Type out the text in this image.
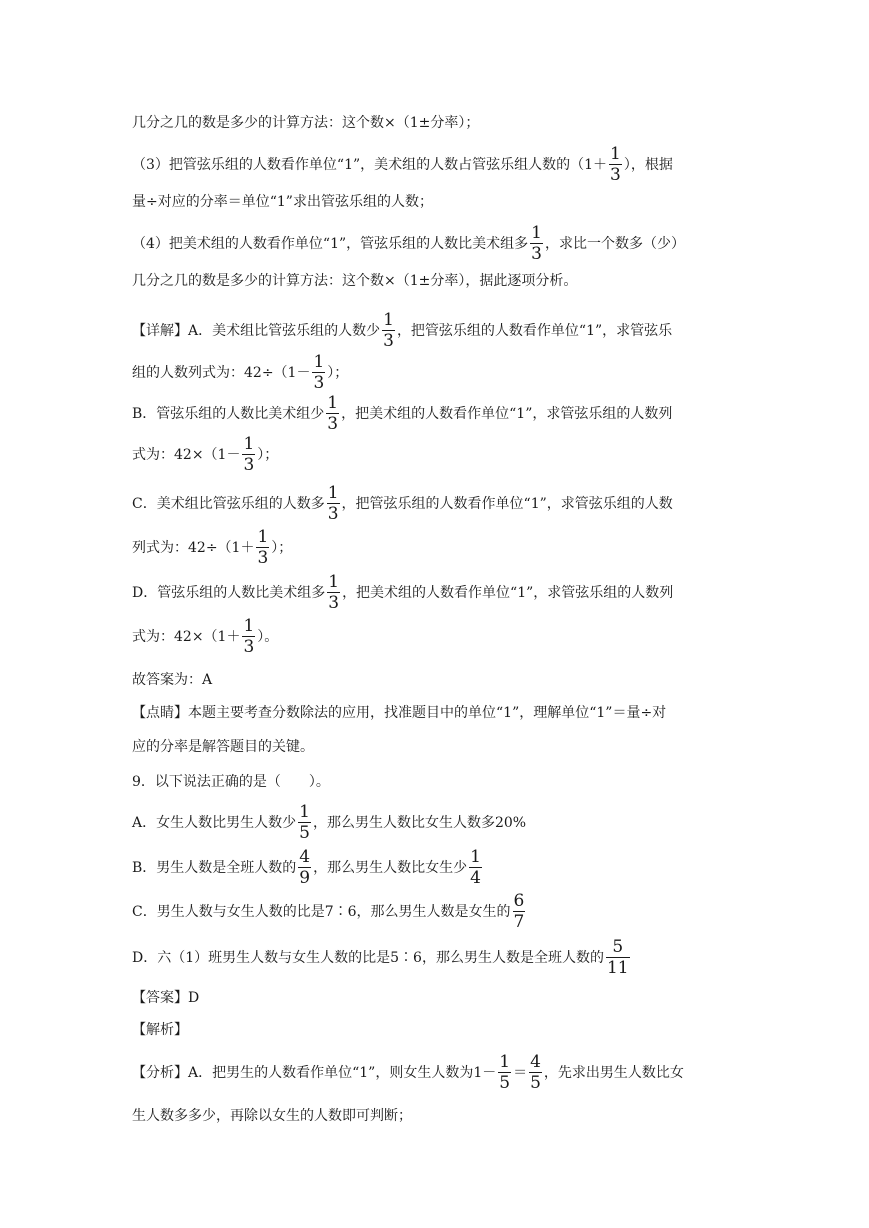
几分之几的数是多少的计算方法：这个数×（1±分率）；
（3）把管弦乐组的人数看作单位“1”，美术组的人数占管弦乐组人数的（$1+ \frac{1}{3}$ ），根据
量÷对应的分率＝单位“1”求出管弦乐组的人数；
（4）把美术组的人数看作单位“1”，管弦乐组的人数比美术组多 $\frac{1}{3}$ ，求比一个数多（少）
几分之几的数是多少的计算方法：这个数×（1±分率），据此逐项分析。
【详解】A．美术组比管弦乐组的人数少 $\frac{1}{3}$ ，把管弦乐组的人数看作单位“1”，求管弦乐
组的人数列式为：$42\div(1- \frac{1}{3}$ ）；
B．管弦乐组的人数比美术组少 $\frac{1}{3}$ ，把美术组的人数看作单位“1”，求管弦乐组的人数列
式为：$42\times(1- \frac{1}{3}$ ）；
C．美术组比管弦乐组的人数多 $\frac{1}{3}$ ，把管弦乐组的人数看作单位“1”，求管弦乐组的人数
列式为：$42\div(1+ \frac{1}{3}$ ）；
D．管弦乐组的人数比美术组多 $\frac{1}{3}$ ，把美术组的人数看作单位“1”，求管弦乐组的人数列
式为：$42\times(1+ \frac{1}{3}$ ）。
故答案为：A
【点睛】本题主要考查分数除法的应用，找准题目中的单位“1”，理解单位“1”＝量÷对
应的分率是解答题目的关键。
9．以下说法正确的是（　　）。
A．女生人数比男生人数少 $\frac{1}{5}$ ，那么男生人数比女生人数多20%
B．男生人数是全班人数的 $\frac{4}{9}$ ，那么男生人数比女生少 $\frac{1}{4}$
C．男生人数与女生人数的比是7∶6，那么男生人数是女生的 $\frac{6}{7}$
D．六（1）班男生人数与女生人数的比是5∶6，那么男生人数是全班人数的 $\frac{5}{11}$
【答案】D
【解析】
【分析】A．把男生的人数看作单位“1”，则女生人数为$1- \frac{1}{5} = \frac{4}{5}$ ，先求出男生人数比女
生人数多多少，再除以女生的人数即可判断；
